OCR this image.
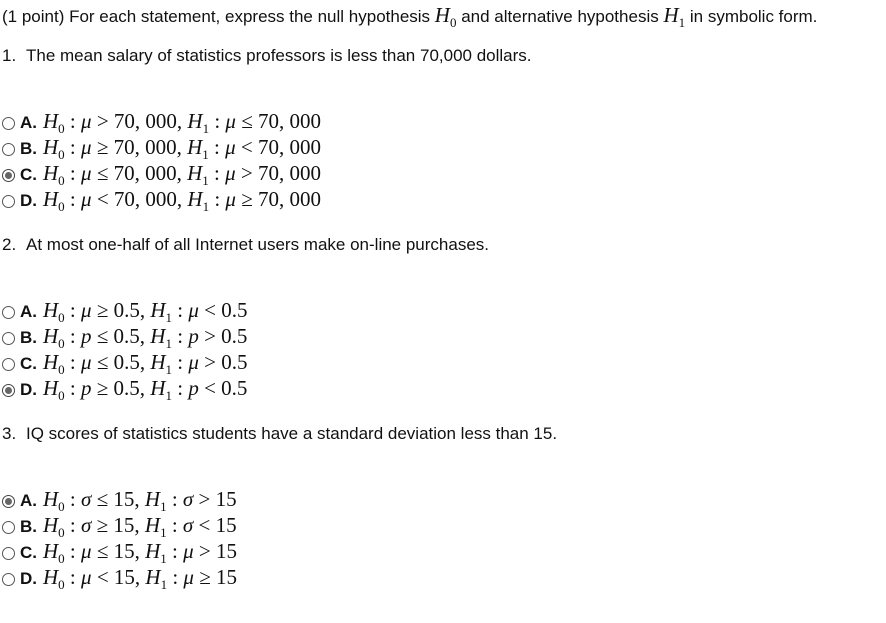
(1 point) For each statement, express the null hypothesis $H_0$ and alternative hypothesis $H_1$ in symbolic form.
1. The mean salary of statistics professors is less than 70,000 dollars.
A. $H_0$ : μ > 70, 000, $H_1$ : μ ≤ 70, 000
B. $H_0$ : μ ≥ 70, 000, $H_1$ : μ < 70, 000
C. $H_0$ : μ ≤ 70, 000, $H_1$ : μ > 70, 000
D. $H_0$ : μ < 70, 000, $H_1$ : μ ≥ 70, 000
2. At most one-half of all Internet users make on-line purchases.
A. $H_0$ : μ ≥ 0.5, $H_1$ : μ < 0.5
B. $H_0$ : p ≤ 0.5, $H_1$ : p > 0.5
C. $H_0$ : μ ≤ 0.5, $H_1$ : μ > 0.5
D. $H_0$ : p ≥ 0.5, $H_1$ : p < 0.5
3. IQ scores of statistics students have a standard deviation less than 15.
A. $H_0$ : σ ≤ 15, $H_1$ : σ > 15
B. $H_0$ : σ ≥ 15, $H_1$ : σ < 15
C. $H_0$ : μ ≤ 15, $H_1$ : μ > 15
D. $H_0$ : μ < 15, $H_1$ : μ ≥ 15
